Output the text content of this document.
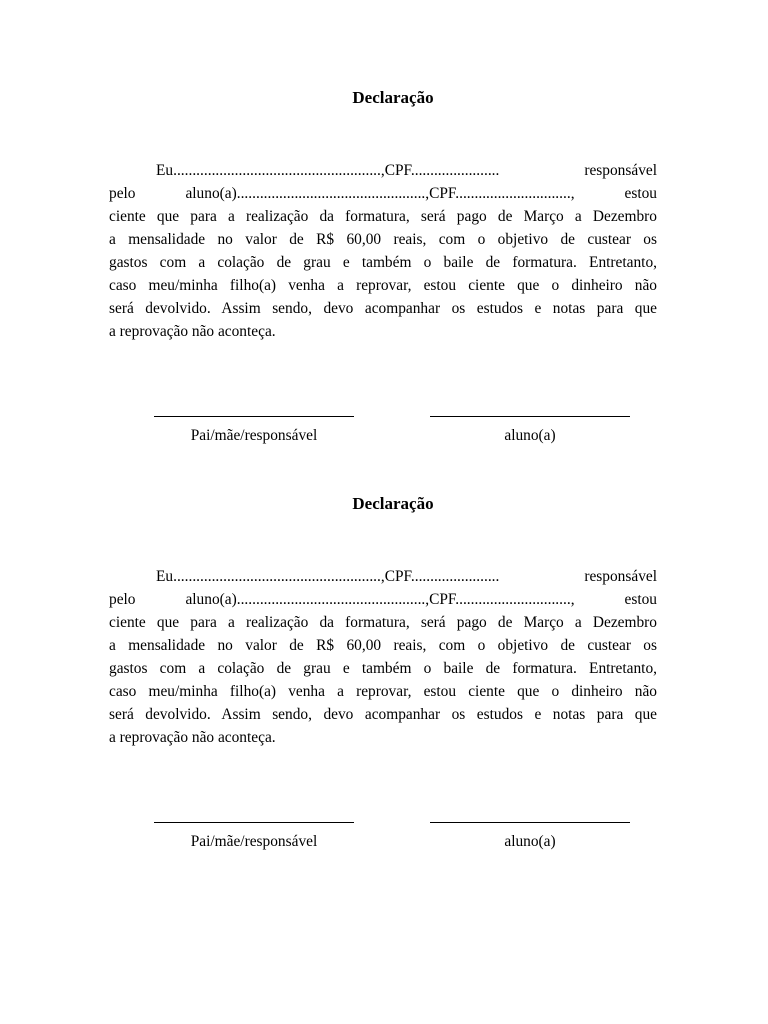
Declaração

Eu......................................................,CPF....................... responsável

pelo aluno(a).................................................,CPF.............................., estou

ciente que para a realização da formatura, será pago de Março a Dezembro

a mensalidade no valor de R$ 60,00 reais, com o objetivo de custear os

gastos com a colação de grau e também o baile de formatura. Entretanto,

caso meu/minha filho(a) venha a reprovar, estou ciente que o dinheiro não

será devolvido. Assim sendo, devo acompanhar os estudos e notas para que

a reprovação não aconteça.

Pai/mãe/responsável	aluno(a)
Declaração

Eu......................................................,CPF....................... responsável

pelo aluno(a).................................................,CPF.............................., estou

ciente que para a realização da formatura, será pago de Março a Dezembro

a mensalidade no valor de R$ 60,00 reais, com o objetivo de custear os

gastos com a colação de grau e também o baile de formatura. Entretanto,

caso meu/minha filho(a) venha a reprovar, estou ciente que o dinheiro não

será devolvido. Assim sendo, devo acompanhar os estudos e notas para que

a reprovação não aconteça.

Pai/mãe/responsável	aluno(a)
